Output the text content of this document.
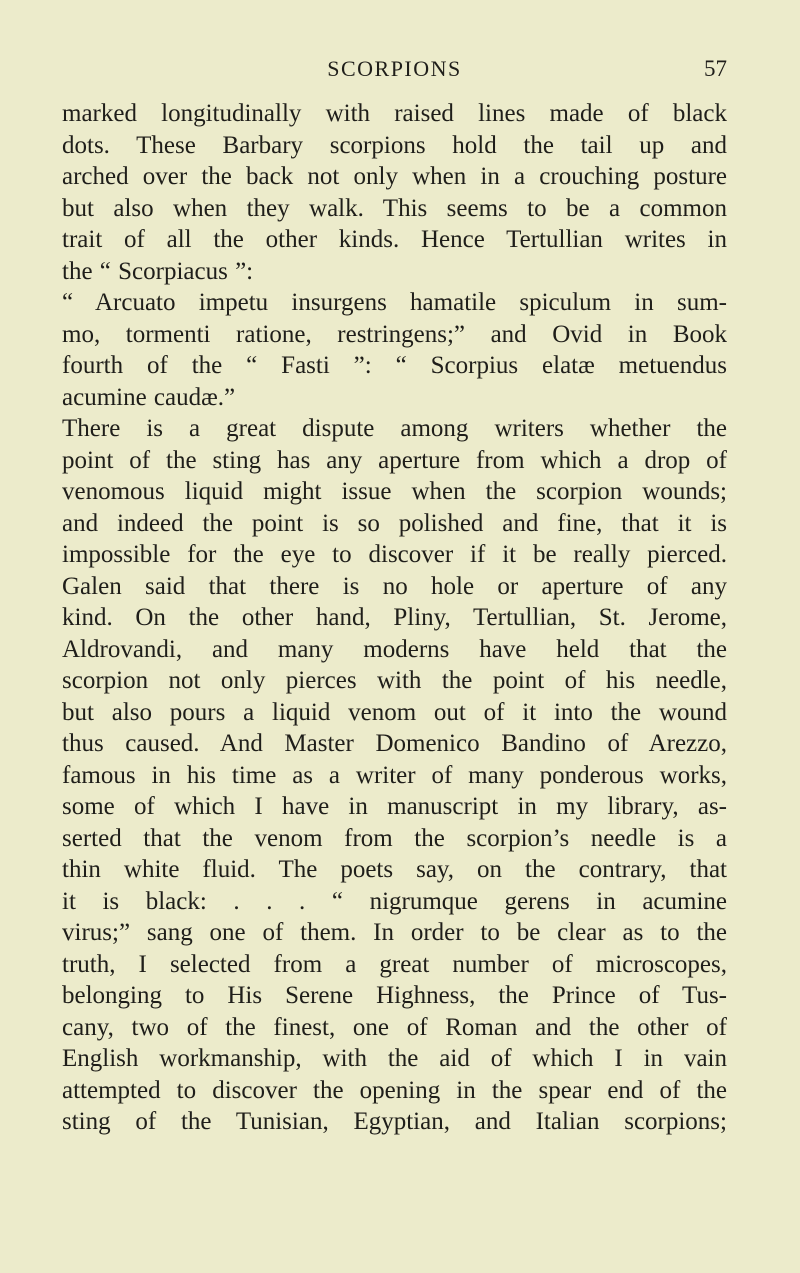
SCORPIONS	57
marked longitudinally with raised lines made of black
dots. These Barbary scorpions hold the tail up and
arched over the back not only when in a crouching posture
but also when they walk. This seems to be a common
trait of all the other kinds. Hence Tertullian writes in
the “ Scorpiacus ”:
“ Arcuato impetu insurgens hamatile spiculum in sum-
mo, tormenti ratione, restringens;” and Ovid in Book
fourth of the “ Fasti ”: “ Scorpius elatæ metuendus
acumine caudæ.”
There is a great dispute among writers whether the
point of the sting has any aperture from which a drop of
venomous liquid might issue when the scorpion wounds;
and indeed the point is so polished and fine, that it is
impossible for the eye to discover if it be really pierced.
Galen said that there is no hole or aperture of any
kind. On the other hand, Pliny, Tertullian, St. Jerome,
Aldrovandi, and many moderns have held that the
scorpion not only pierces with the point of his needle,
but also pours a liquid venom out of it into the wound
thus caused. And Master Domenico Bandino of Arezzo,
famous in his time as a writer of many ponderous works,
some of which I have in manuscript in my library, as-
serted that the venom from the scorpion’s needle is a
thin white fluid. The poets say, on the contrary, that
it is black: . . . “ nigrumque gerens in acumine
virus;” sang one of them. In order to be clear as to the
truth, I selected from a great number of microscopes,
belonging to His Serene Highness, the Prince of Tus-
cany, two of the finest, one of Roman and the other of
English workmanship, with the aid of which I in vain
attempted to discover the opening in the spear end of the
sting of the Tunisian, Egyptian, and Italian scorpions;
